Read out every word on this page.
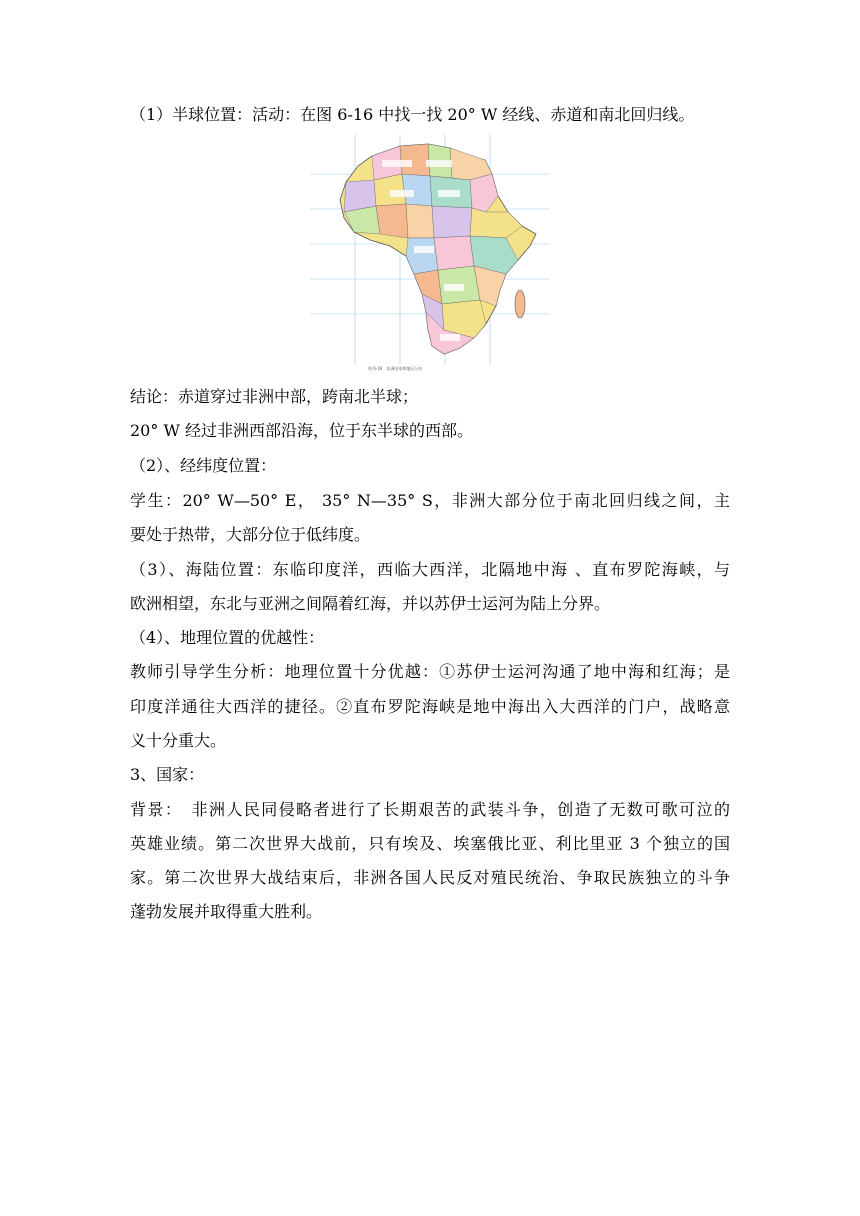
（1）半球位置：活动：在图 6-16 中找一找 20° W 经线、赤道和南北回归线。
图 6-16　非洲国家和地区分布
结论：赤道穿过非洲中部，跨南北半球；
20° W 经过非洲西部沿海，位于东半球的西部。
（2）、经纬度位置：
学生：20° W—50° E， 35° N—35° S，非洲大部分位于南北回归线之间，主
要处于热带，大部分位于低纬度。
（3）、海陆位置：东临印度洋，西临大西洋，北隔地中海 、直布罗陀海峡，与
欧洲相望，东北与亚洲之间隔着红海，并以苏伊士运河为陆上分界。
（4）、地理位置的优越性：
教师引导学生分析：地理位置十分优越：①苏伊士运河沟通了地中海和红海；是
印度洋通往大西洋的捷径。②直布罗陀海峡是地中海出入大西洋的门户，战略意
义十分重大。
3、国家：
背景：　非洲人民同侵略者进行了长期艰苦的武装斗争，创造了无数可歌可泣的
英雄业绩。第二次世界大战前，只有埃及、埃塞俄比亚、利比里亚 3 个独立的国
家。第二次世界大战结束后，非洲各国人民反对殖民统治、争取民族独立的斗争
蓬勃发展并取得重大胜利。
